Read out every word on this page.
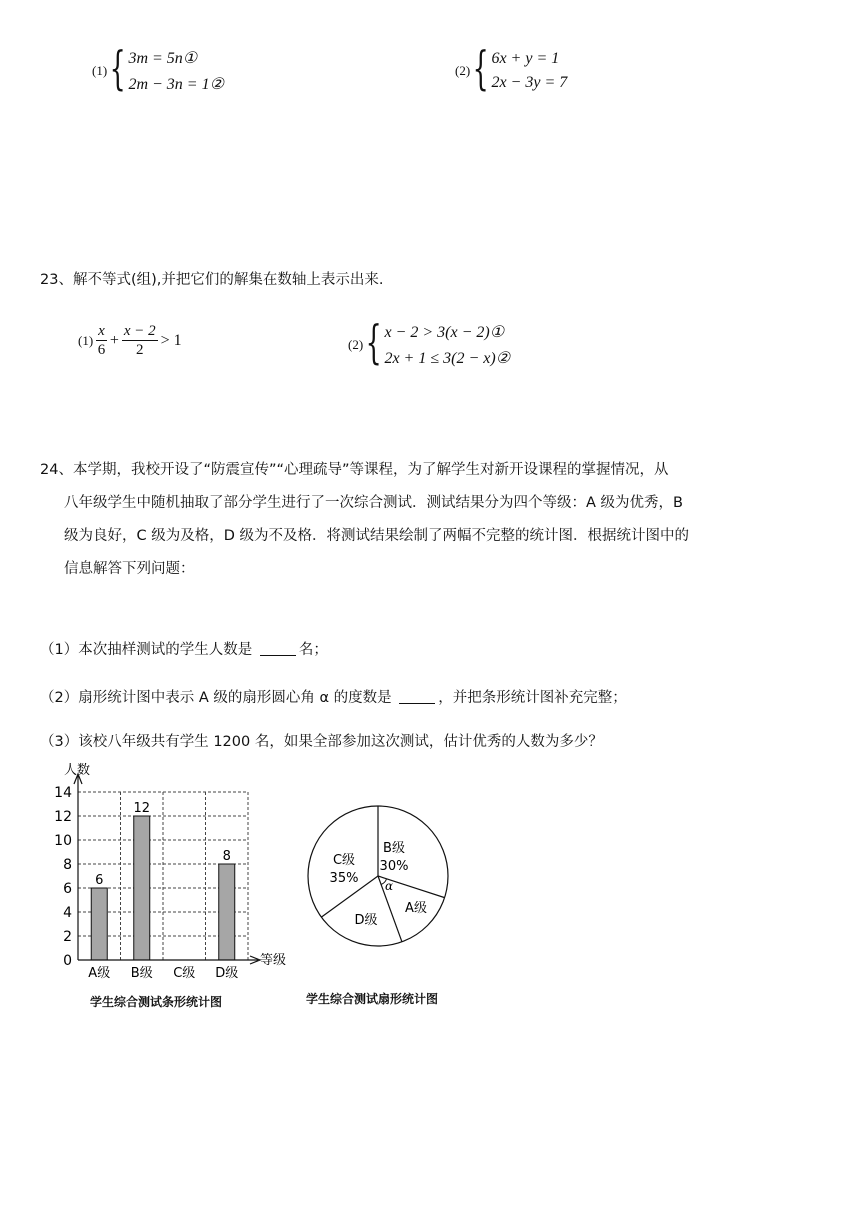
(1) { 3m = 5n①
2m − 3n = 1②
(2) { 6x + y = 1
2x − 3y = 7
23、解不等式(组),并把它们的解集在数轴上表示出来.
$(1) \frac{x}{6} + \frac{x - 2}{2} > 1$	(2) { x − 2 > 3(x − 2)①
2x + 1 ≤ 3(2 − x)②
24、本学期，我校开设了“防震宣传”“心理疏导”等课程，为了解学生对新开设课程的掌握情况，从
八年级学生中随机抽取了部分学生进行了一次综合测试．测试结果分为四个等级：A 级为优秀，B
级为良好，C 级为及格，D 级为不及格．将测试结果绘制了两幅不完整的统计图．根据统计图中的
信息解答下列问题：
（1）本次抽样测试的学生人数是	名；
（2）扇形统计图中表示 A 级的扇形圆心角 α 的度数是	，并把条形统计图补充完整；
（3）该校八年级共有学生 1200 名，如果全部参加这次测试，估计优秀的人数为多少？
人数
等级
6
12
8
0
2
4
6
8
10
12
14
A级 B级 C级 D级
学生综合测试条形统计图
α
B级
30%
A级
D级
C级
35%
学生综合测试扇形统计图
